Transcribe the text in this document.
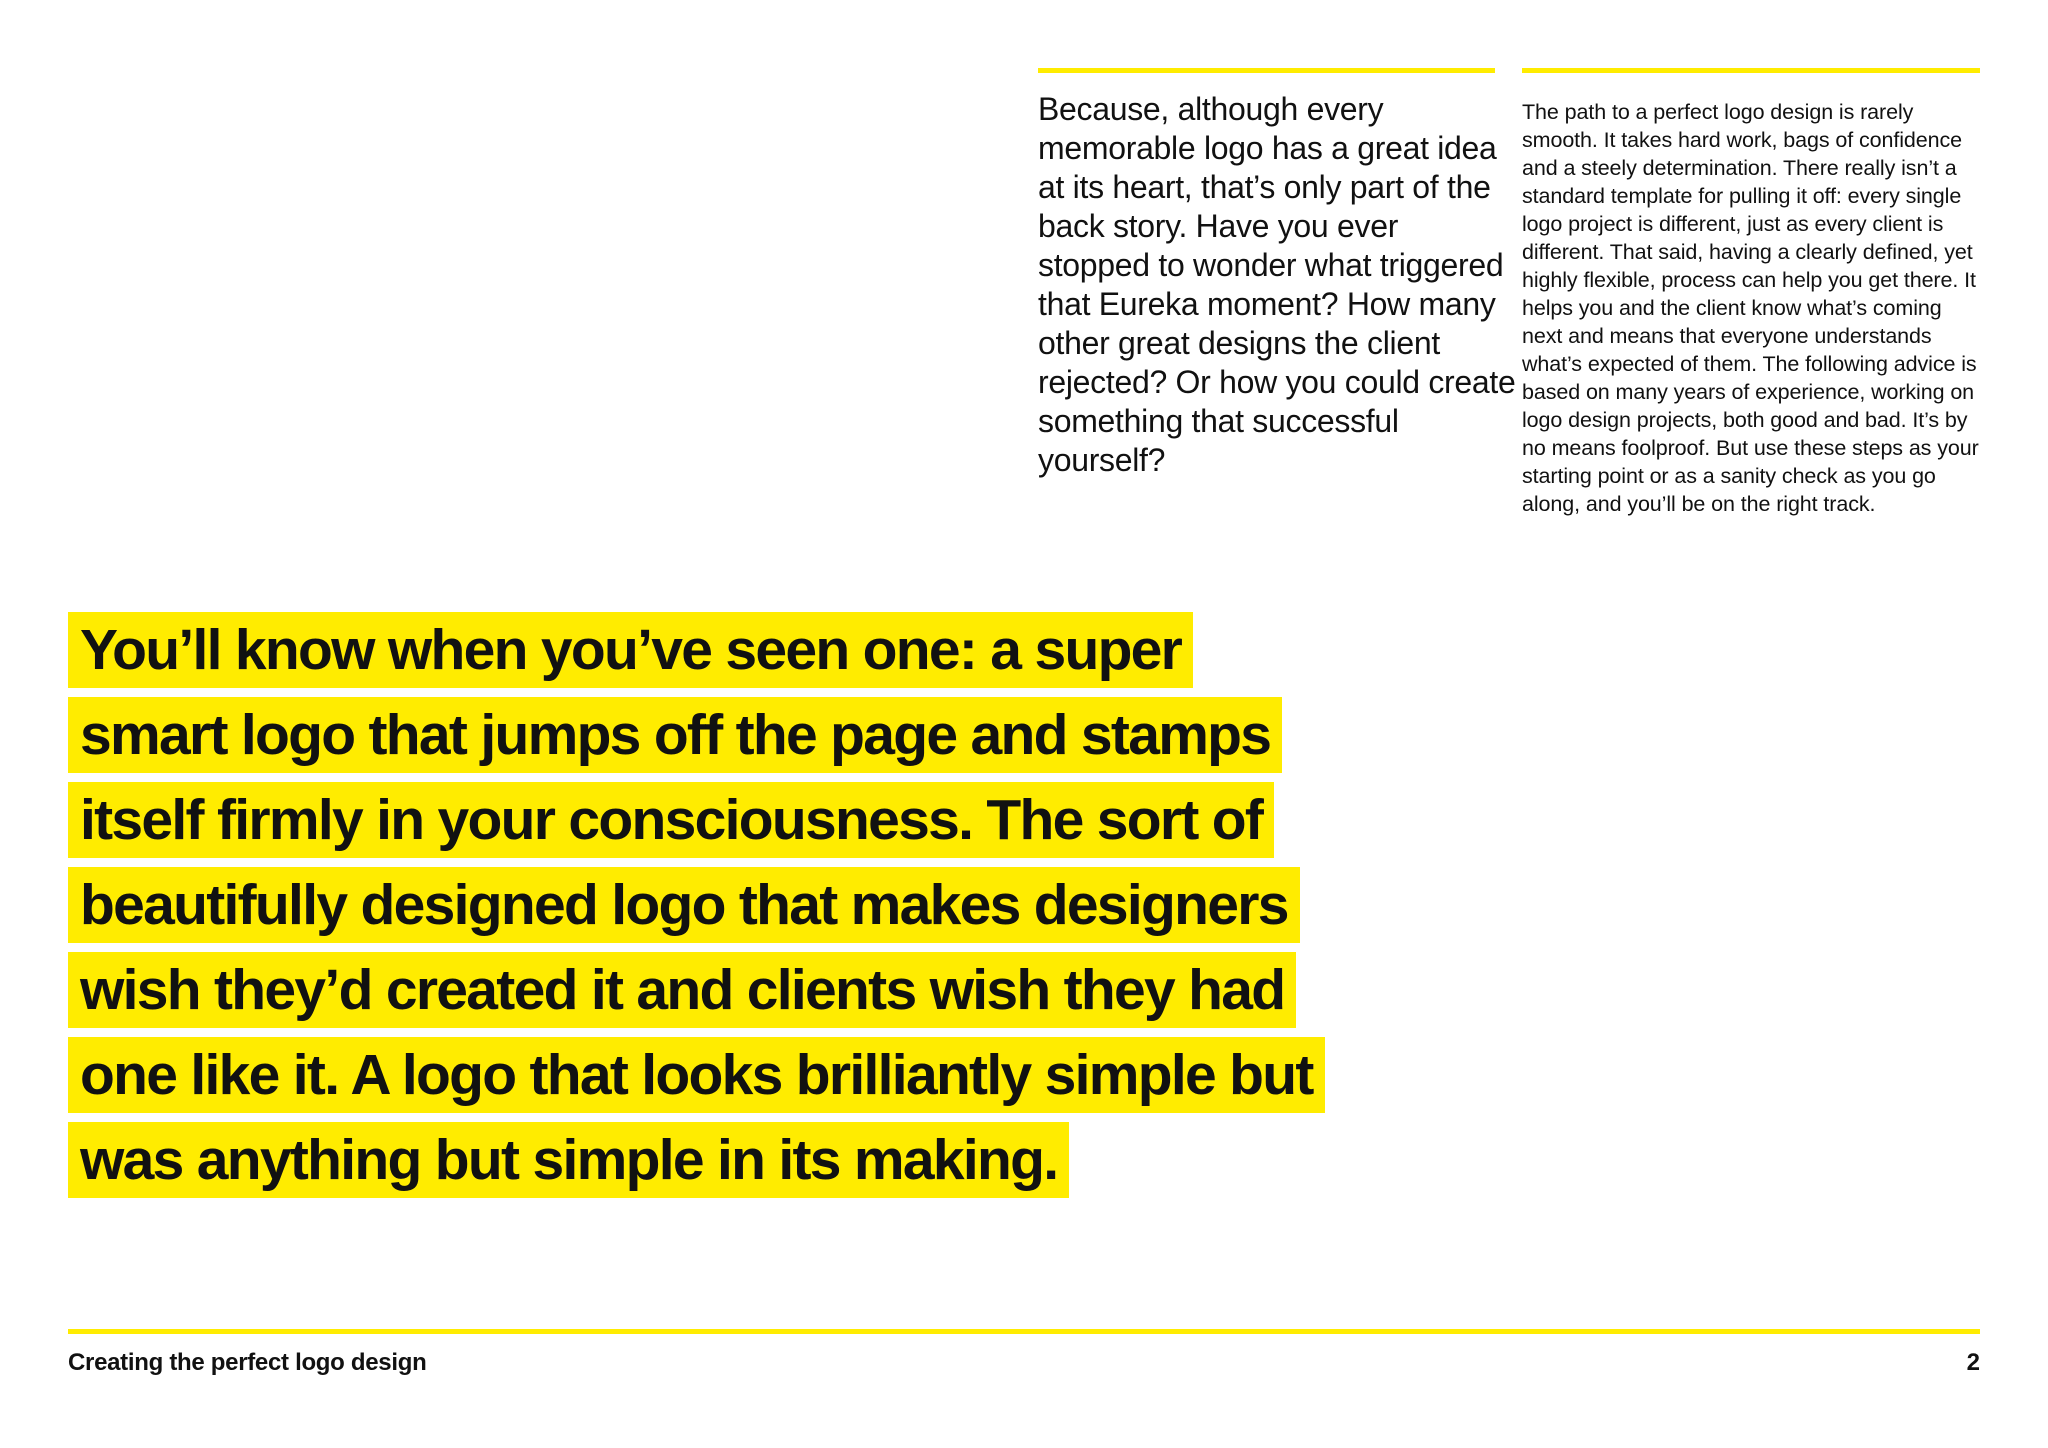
Because, although every memorable logo has a great idea at its heart, that’s only part of the back story. Have you ever stopped to wonder what triggered that Eureka moment? How many other great designs the client rejected? Or how you could create something that successful yourself?

The path to a perfect logo design is rarely smooth. It takes hard work, bags of confidence and a steely determination. There really isn’t a standard template for pulling it off: every single logo project is different, just as every client is different. That said, having a clearly defined, yet highly flexible, process can help you get there. It helps you and the client know what’s coming next and means that everyone understands what’s expected of them. The following advice is based on many years of experience, working on logo design projects, both good and bad. It’s by no means foolproof. But use these steps as your starting point or as a sanity check as you go along, and you’ll be on the right track.

You’ll know when you’ve seen one: a super
smart logo that jumps off the page and stamps
itself firmly in your consciousness. The sort of
beautifully designed logo that makes designers
wish they’d created it and clients wish they had
one like it. A logo that looks brilliantly simple but
was anything but simple in its making.
Creating the perfect logo design	2
